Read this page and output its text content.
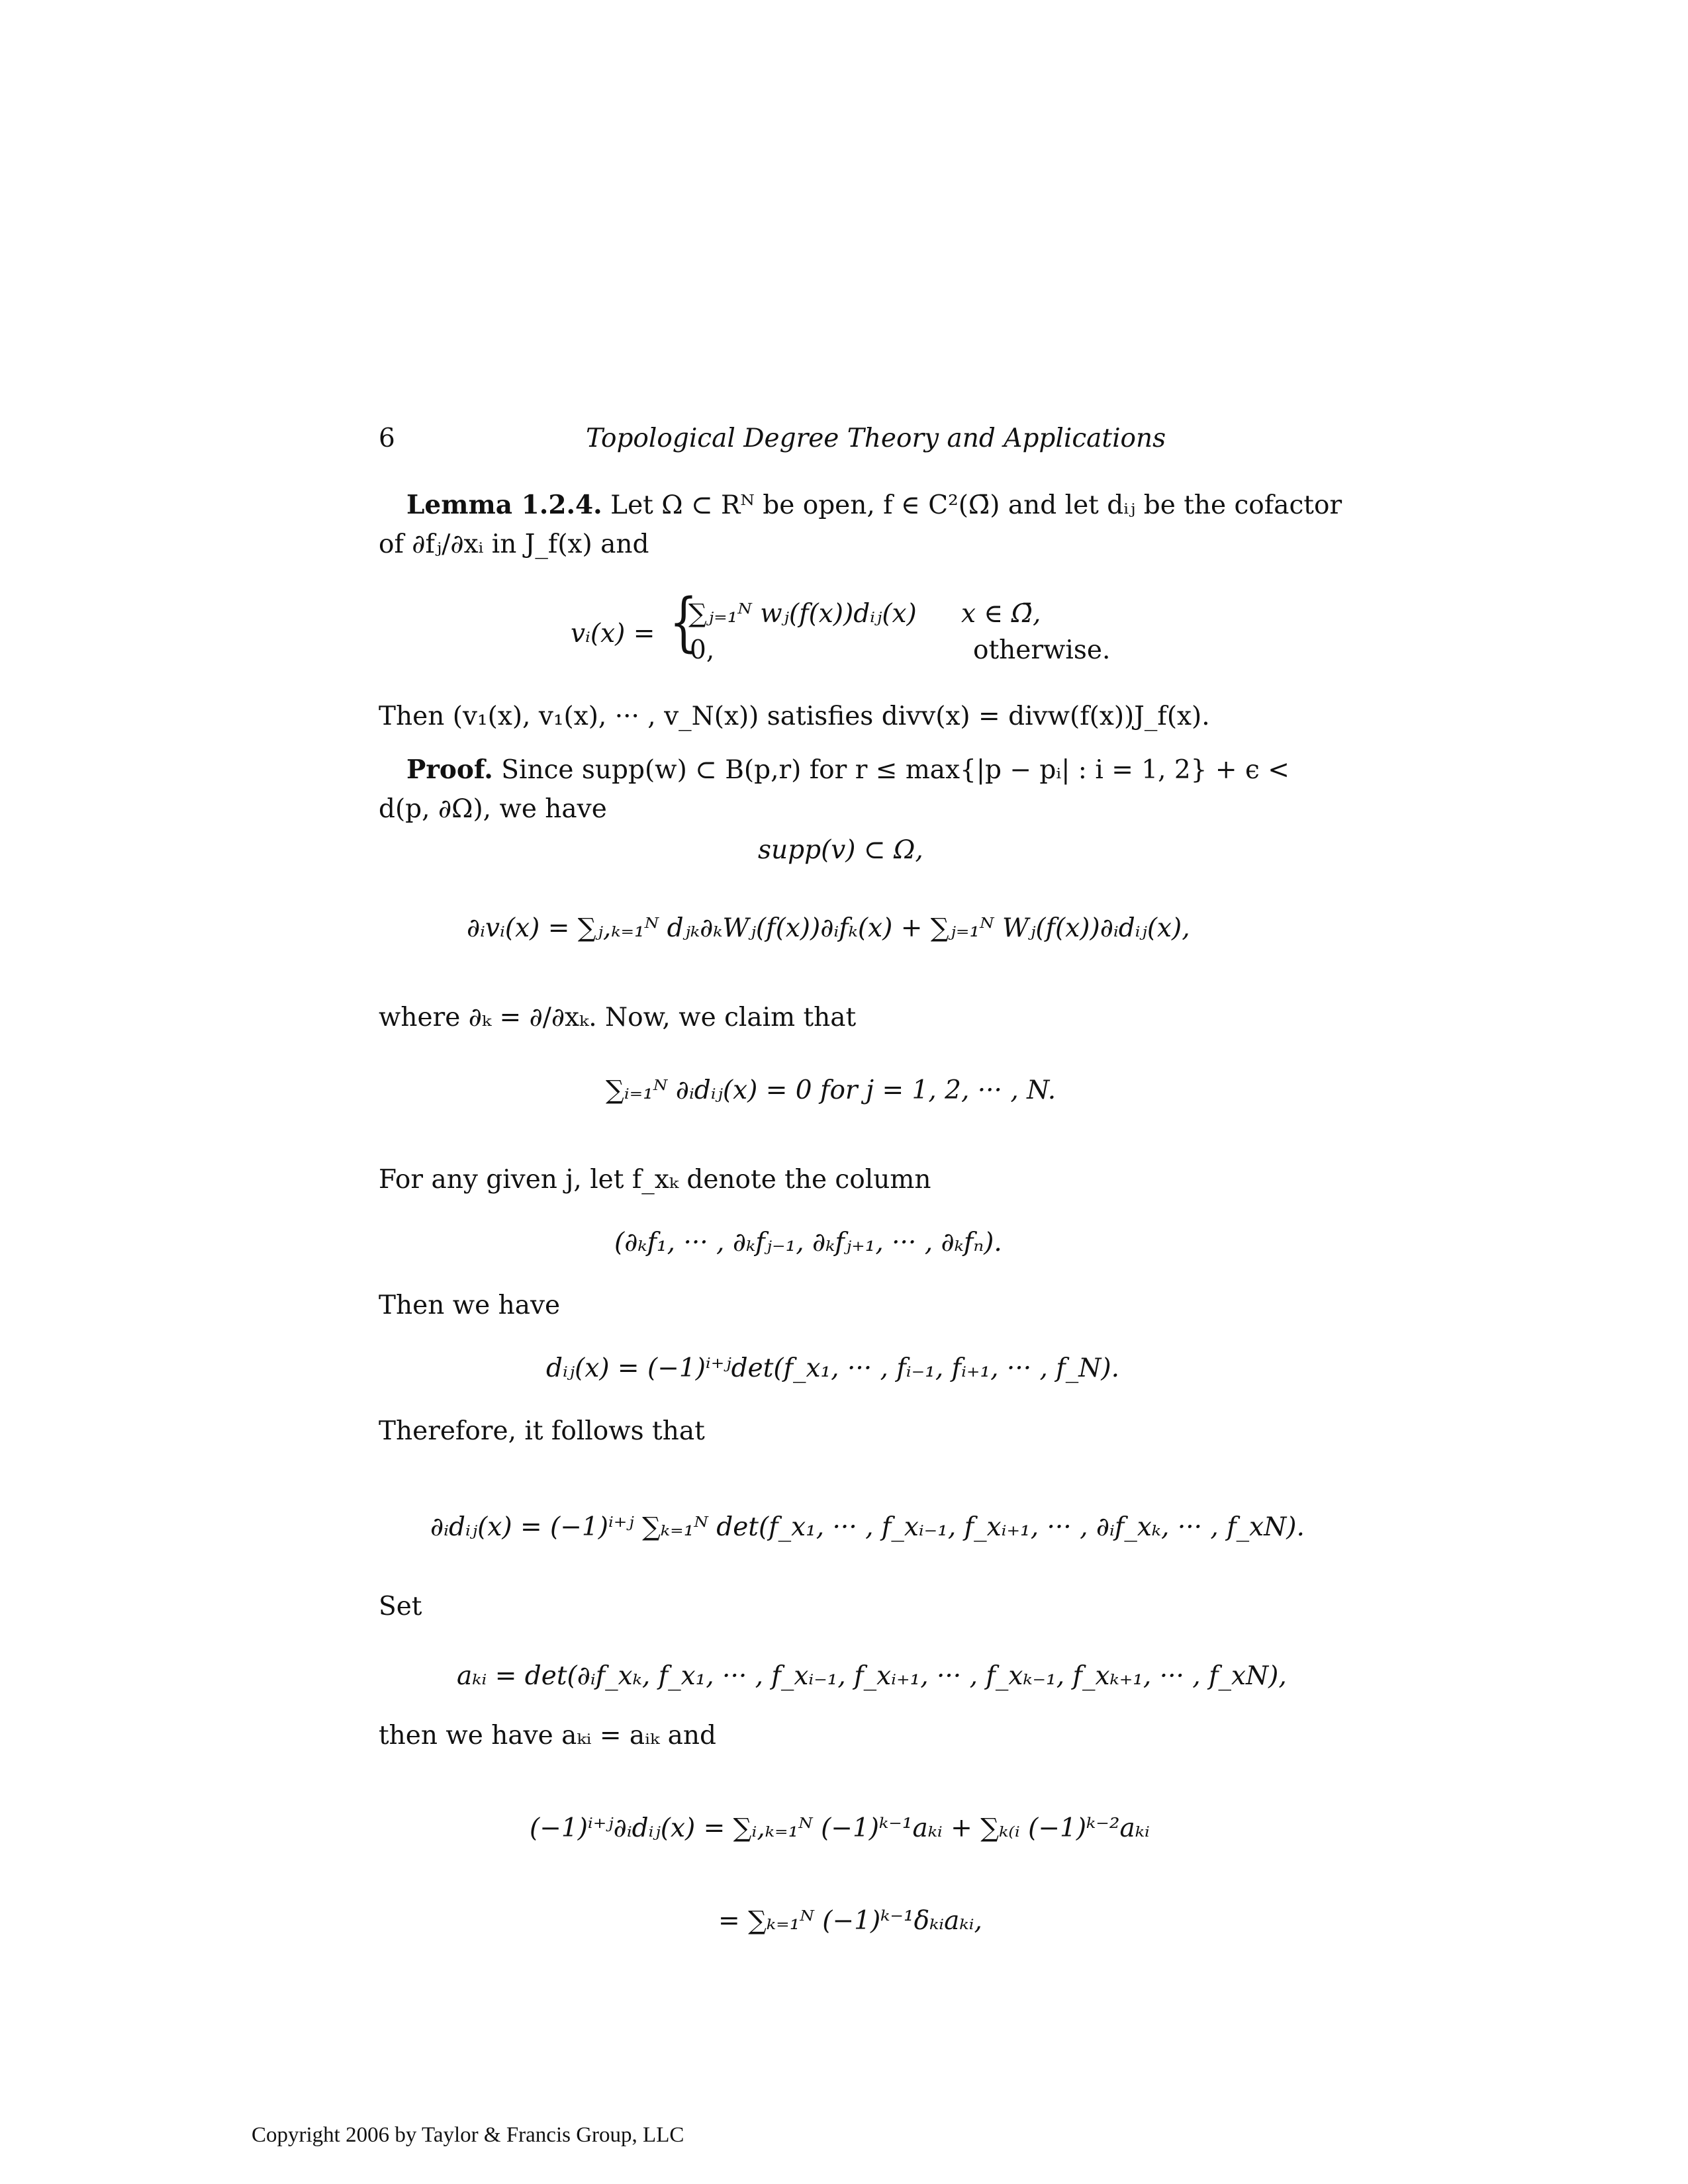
6	Topological Degree Theory and Applications
Lemma 1.2.4. Let Ω ⊂ Rᴺ be open, f ∈ C²(Ω̄) and let dᵢⱼ be the cofactor
of ∂fⱼ/∂xᵢ in J_f(x) and
vᵢ(x) = {
∑ⱼ₌₁ᴺ wⱼ(f(x))dᵢⱼ(x) x ∈ Ω̄,
0,	otherwise.
Then (v₁(x), v₁(x), ··· , v_N(x)) satisfies divv(x) = divw(f(x))J_f(x).
Proof. Since supp(w) ⊂ B(p,r) for r ≤ max{|p − pᵢ| : i = 1, 2} + ϵ <
d(p, ∂Ω), we have
supp(v) ⊂ Ω,
∂ᵢvᵢ(x) = ∑ⱼ,ₖ₌₁ᴺ dⱼₖ∂ₖWⱼ(f(x))∂ᵢfₖ(x) + ∑ⱼ₌₁ᴺ Wⱼ(f(x))∂ᵢdᵢⱼ(x),
where ∂ₖ = ∂/∂xₖ. Now, we claim that
∑ᵢ₌₁ᴺ ∂ᵢdᵢⱼ(x) = 0 for j = 1, 2, ··· , N.
For any given j, let f_xₖ denote the column
(∂ₖf₁, ··· , ∂ₖfⱼ₋₁, ∂ₖfⱼ₊₁, ··· , ∂ₖfₙ).
Then we have
dᵢⱼ(x) = (−1)ⁱ⁺ʲdet(f_x₁, ··· , fᵢ₋₁, fᵢ₊₁, ··· , f_N).
Therefore, it follows that
∂ᵢdᵢⱼ(x) = (−1)ⁱ⁺ʲ ∑ₖ₌₁ᴺ det(f_x₁, ··· , f_xᵢ₋₁, f_xᵢ₊₁, ··· , ∂ᵢf_xₖ, ··· , f_xN).
Set
aₖᵢ = det(∂ᵢf_xₖ, f_x₁, ··· , f_xᵢ₋₁, f_xᵢ₊₁, ··· , f_xₖ₋₁, f_xₖ₊₁, ··· , f_xN),
then we have aₖᵢ = aᵢₖ and
(−1)ⁱ⁺ʲ∂ᵢdᵢⱼ(x) = ∑ᵢ,ₖ₌₁ᴺ (−1)ᵏ⁻¹aₖᵢ + ∑ₖ₍ᵢ (−1)ᵏ⁻²aₖᵢ
= ∑ₖ₌₁ᴺ (−1)ᵏ⁻¹δₖᵢaₖᵢ,
Copyright 2006 by Taylor & Francis Group, LLC
